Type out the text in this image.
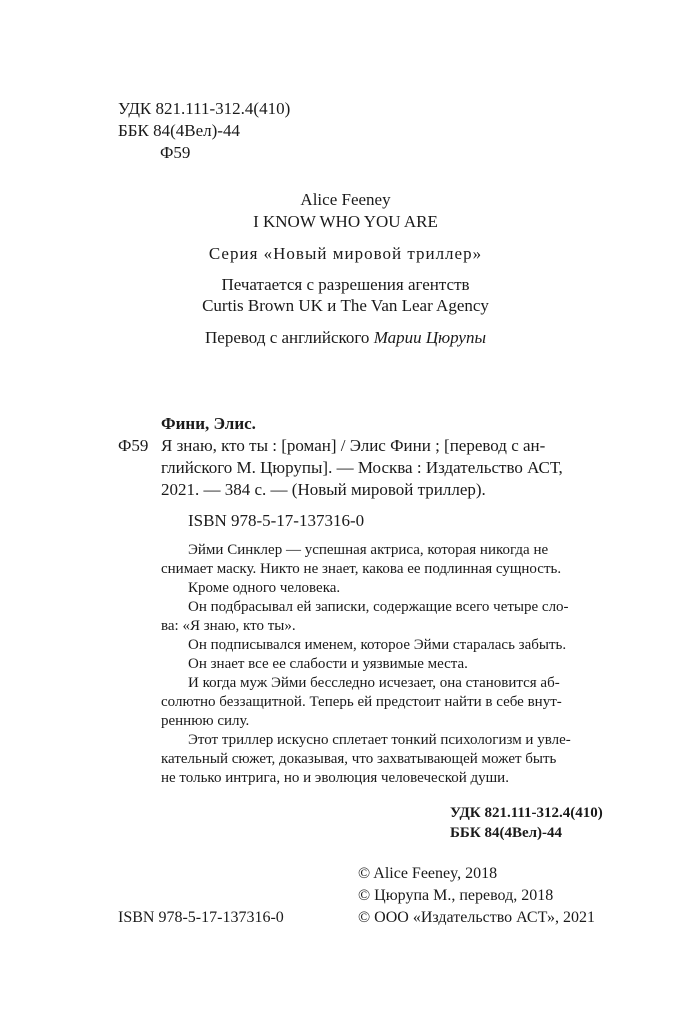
УДК 821.111-312.4(410)
ББК 84(4Вел)-44
Ф59
Alice Feeney
I KNOW WHO YOU ARE
Серия «Новый мировой триллер»
Печатается с разрешения агентств
Curtis Brown UK и The Van Lear Agency
Перевод с английского Марии Цюрупы
Фини, Элис.
Ф59 Я знаю, кто ты : [роман] / Элис Фини ; [перевод с ан-
глийского М. Цюрупы]. — Москва : Издательство АСТ,
2021. — 384 с. — (Новый мировой триллер).
ISBN 978-5-17-137316-0
Эйми Синклер — успешная актриса, которая никогда не
снимает маску. Никто не знает, какова ее подлинная сущность.
Кроме одного человека.
Он подбрасывал ей записки, содержащие всего четыре сло-
ва: «Я знаю, кто ты».
Он подписывался именем, которое Эйми старалась забыть.
Он знает все ее слабости и уязвимые места.
И когда муж Эйми бесследно исчезает, она становится аб-
солютно беззащитной. Теперь ей предстоит найти в себе внут-
реннюю силу.
Этот триллер искусно сплетает тонкий психологизм и увле-
кательный сюжет, доказывая, что захватывающей может быть
не только интрига, но и эволюция человеческой души.
УДК 821.111-312.4(410)
ББК 84(4Вел)-44
© Alice Feeney, 2018
© Цюрупа М., перевод, 2018
ISBN 978-5-17-137316-0	© ООО «Издательство АСТ», 2021
